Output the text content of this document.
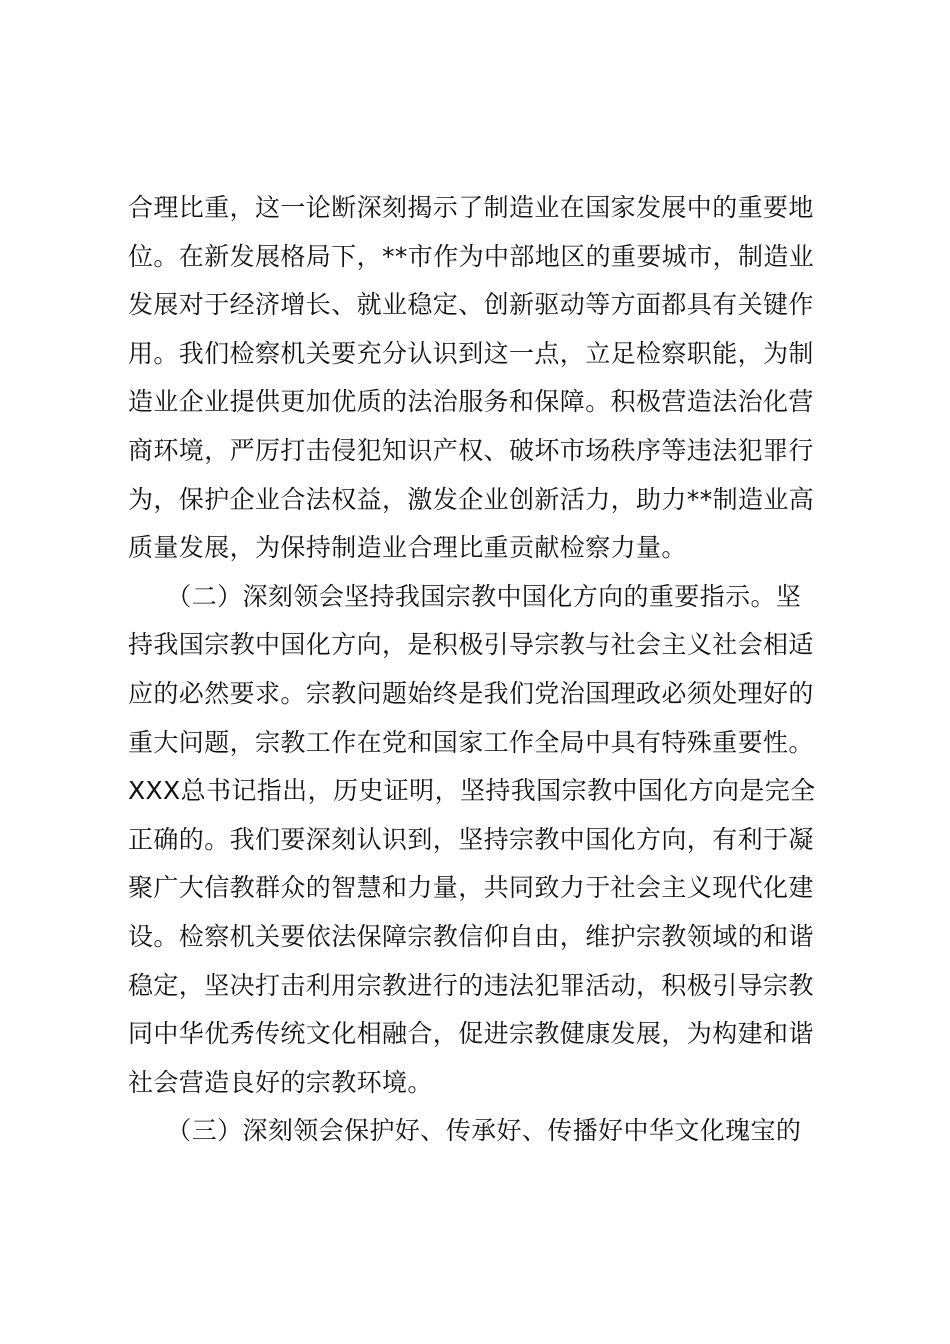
合理比重，这一论断深刻揭示了制造业在国家发展中的重要地
位。在新发展格局下，**市作为中部地区的重要城市，制造业
发展对于经济增长、就业稳定、创新驱动等方面都具有关键作
用。我们检察机关要充分认识到这一点，立足检察职能，为制
造业企业提供更加优质的法治服务和保障。积极营造法治化营
商环境，严厉打击侵犯知识产权、破坏市场秩序等违法犯罪行
为，保护企业合法权益，激发企业创新活力，助力**制造业高
质量发展，为保持制造业合理比重贡献检察力量。
　　（二）深刻领会坚持我国宗教中国化方向的重要指示。坚
持我国宗教中国化方向，是积极引导宗教与社会主义社会相适
应的必然要求。宗教问题始终是我们党治国理政必须处理好的
重大问题，宗教工作在党和国家工作全局中具有特殊重要性。
XXX总书记指出，历史证明，坚持我国宗教中国化方向是完全
正确的。我们要深刻认识到，坚持宗教中国化方向，有利于凝
聚广大信教群众的智慧和力量，共同致力于社会主义现代化建
设。检察机关要依法保障宗教信仰自由，维护宗教领域的和谐
稳定，坚决打击利用宗教进行的违法犯罪活动，积极引导宗教
同中华优秀传统文化相融合，促进宗教健康发展，为构建和谐
社会营造良好的宗教环境。
　　（三）深刻领会保护好、传承好、传播好中华文化瑰宝的
